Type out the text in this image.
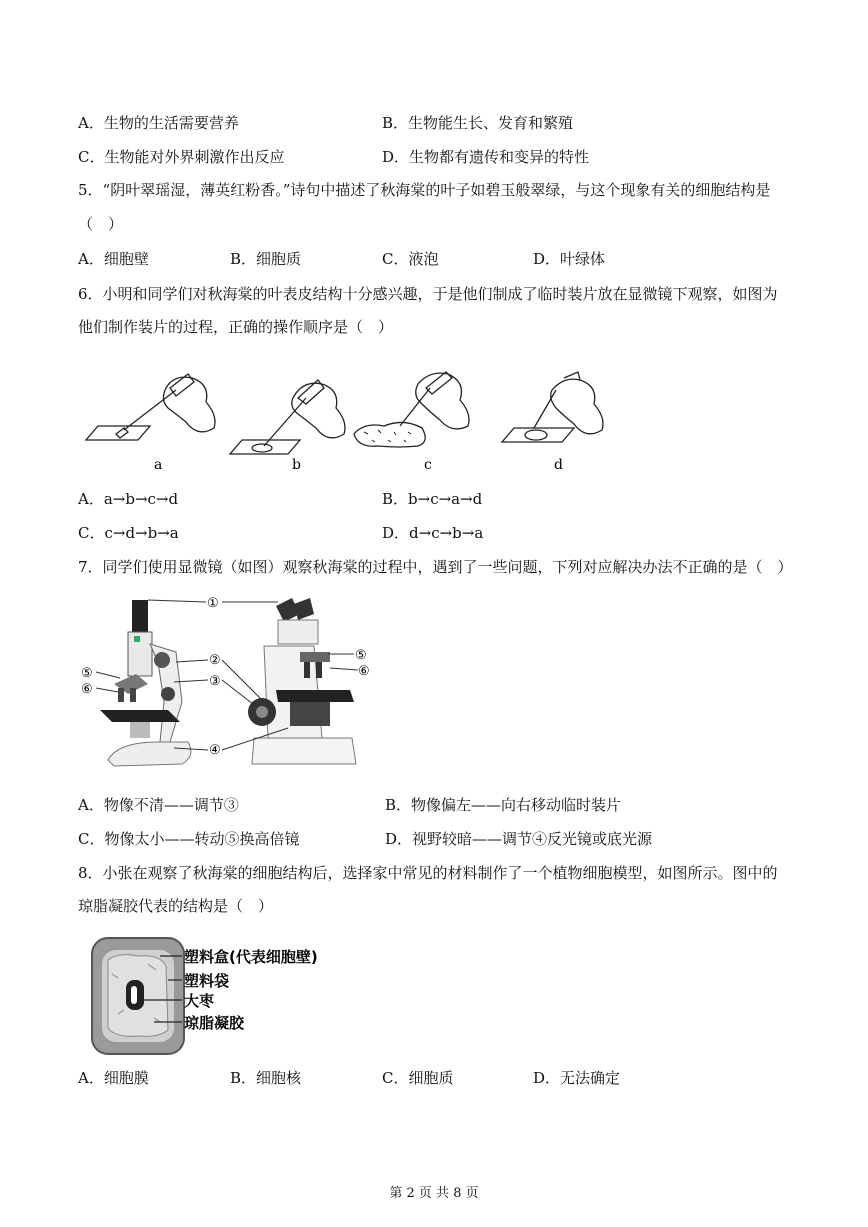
A．生物的生活需要营养	B．生物能生长、发育和繁殖
C．生物能对外界刺激作出反应	D．生物都有遗传和变异的特性
5．“阴叶翠瑶湿，薄英红粉香。”诗句中描述了秋海棠的叶子如碧玉般翠绿，与这个现象有关的细胞结构是
（　）
A．细胞壁	B．细胞质	C．液泡	D．叶绿体
6．小明和同学们对秋海棠的叶表皮结构十分感兴趣，于是他们制成了临时装片放在显微镜下观察，如图为
他们制作装片的过程，正确的操作顺序是（　）
a	b	c	d
A．a→b→c→d	B．b→c→a→d
C．c→d→b→a	D．d→c→b→a
7．同学们使用显微镜（如图）观察秋海棠的过程中，遇到了一些问题，下列对应解决办法不正确的是（　）
①
②
③
④
⑤
⑥
⑤
⑥
A．物像不清——调节③	B．物像偏左——向右移动临时装片
C．物像太小——转动⑤换高倍镜	D．视野较暗——调节④反光镜或底光源
8．小张在观察了秋海棠的细胞结构后，选择家中常见的材料制作了一个植物细胞模型，如图所示。图中的
琼脂凝胶代表的结构是（　）
塑料盒(代表细胞壁)
塑料袋
大枣
琼脂凝胶
A．细胞膜	B．细胞核	C．细胞质	D．无法确定
第 2 页 共 8 页
